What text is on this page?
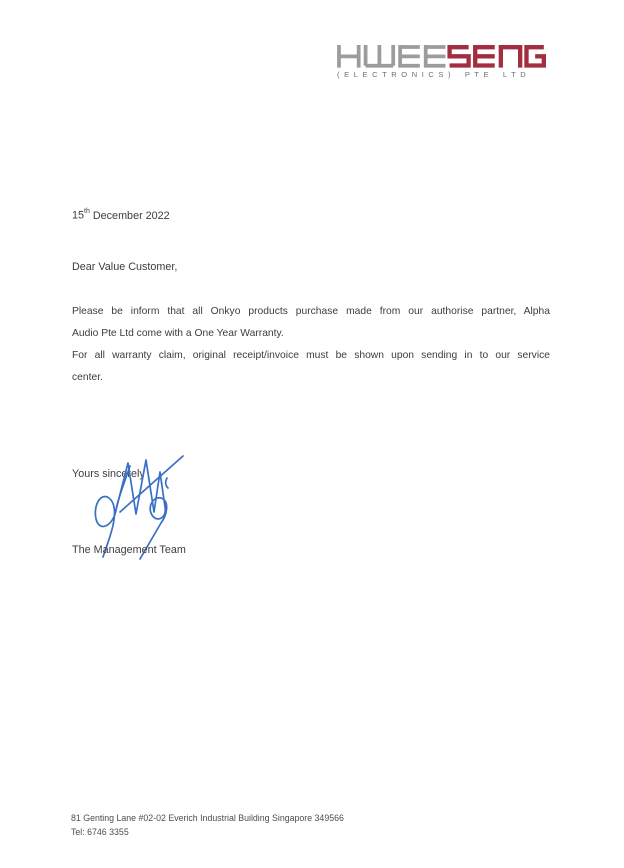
(ELECTRONICS) PTE LTD
15th December 2022
Dear Value Customer,
Please be inform that all Onkyo products purchase made from our authorise partner, Alpha
Audio Pte Ltd come with a One Year Warranty.
For all warranty claim, original receipt/invoice must be shown upon sending in to our service
center.
Yours sincerely
The Management Team
81 Genting Lane #02-02 Everich Industrial Building Singapore 349566
Tel: 6746 3355
